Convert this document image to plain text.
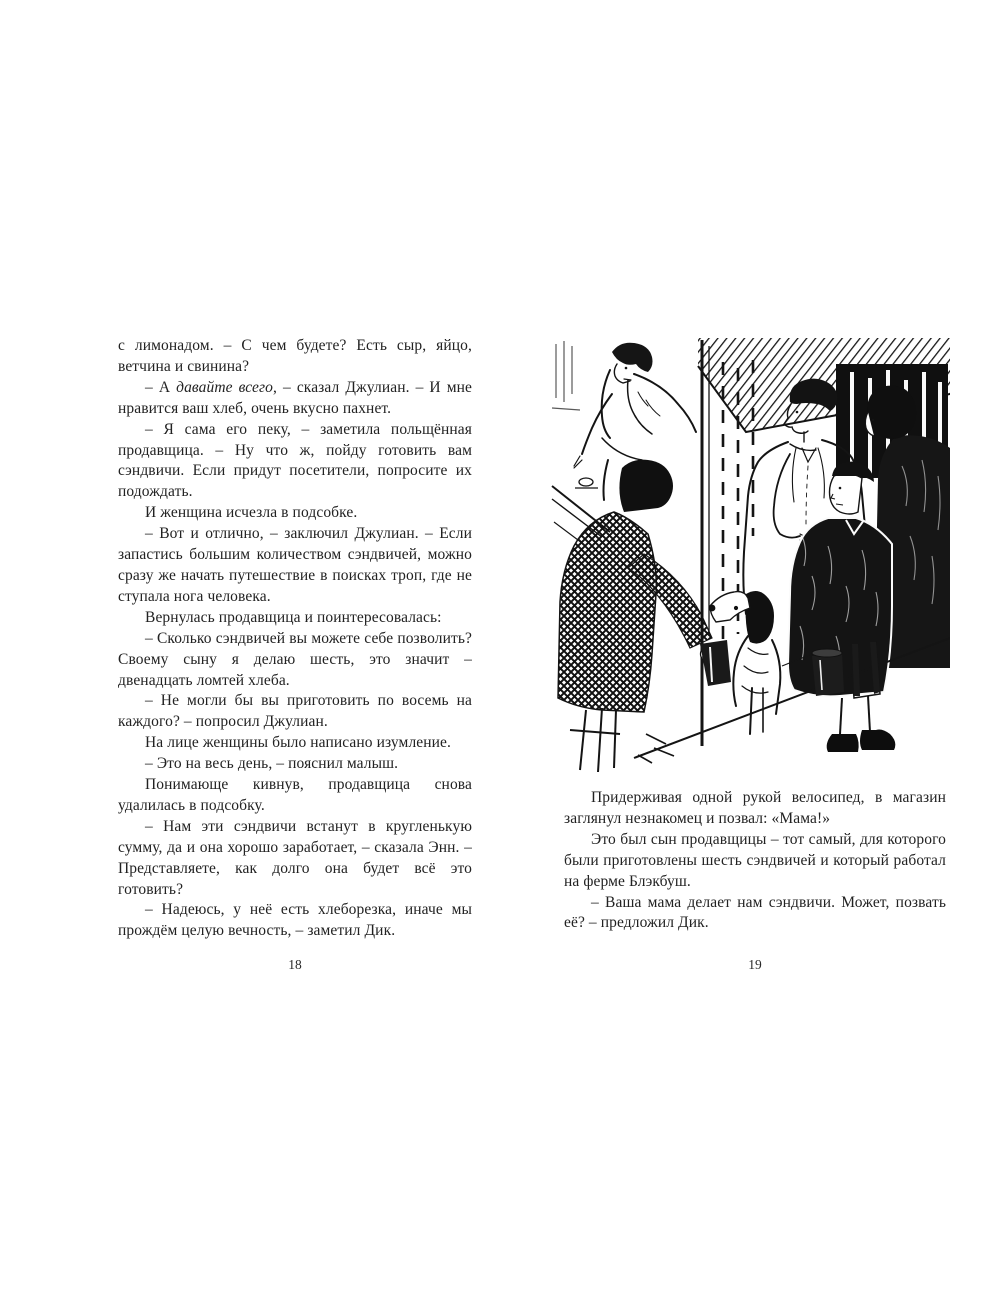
с лимонадом. – С чем будете? Есть сыр, яйцо, ветчина и свинина?

– А давайте всего, – сказал Джулиан. – И мне нравится ваш хлеб, очень вкусно пахнет.

– Я сама его пеку, – заметила польщённая продавщица. – Ну что ж, пойду готовить вам сэндвичи. Если придут посетители, попросите их подождать.

И женщина исчезла в подсобке.

– Вот и отлично, – заключил Джулиан. – Если запастись большим количеством сэндвичей, можно сразу же начать путешествие в поисках троп, где не ступала нога человека.

Вернулась продавщица и поинтересовалась:

– Сколько сэндвичей вы можете себе позволить? Своему сыну я делаю шесть, это значит – двенадцать ломтей хлеба.

– Не могли бы вы приготовить по восемь на каждого? – попросил Джулиан.

На лице женщины было написано изумление.

– Это на весь день, – пояснил малыш.

Понимающе кивнув, продавщица снова удалилась в подсобку.

– Нам эти сэндвичи встанут в кругленькую сумму, да и она хорошо заработает, – сказала Энн. – Представляете, как долго она будет всё это готовить?

– Надеюсь, у неё есть хлеборезка, иначе мы прождём целую вечность, – заметил Дик.

18

Придерживая одной рукой велосипед, в магазин заглянул незнакомец и позвал: «Мама!»

Это был сын продавщицы – тот самый, для которого были приготовлены шесть сэндвичей и который работал на ферме Блэкбуш.

– Ваша мама делает нам сэндвичи. Может, позвать её? – предложил Дик.

19
